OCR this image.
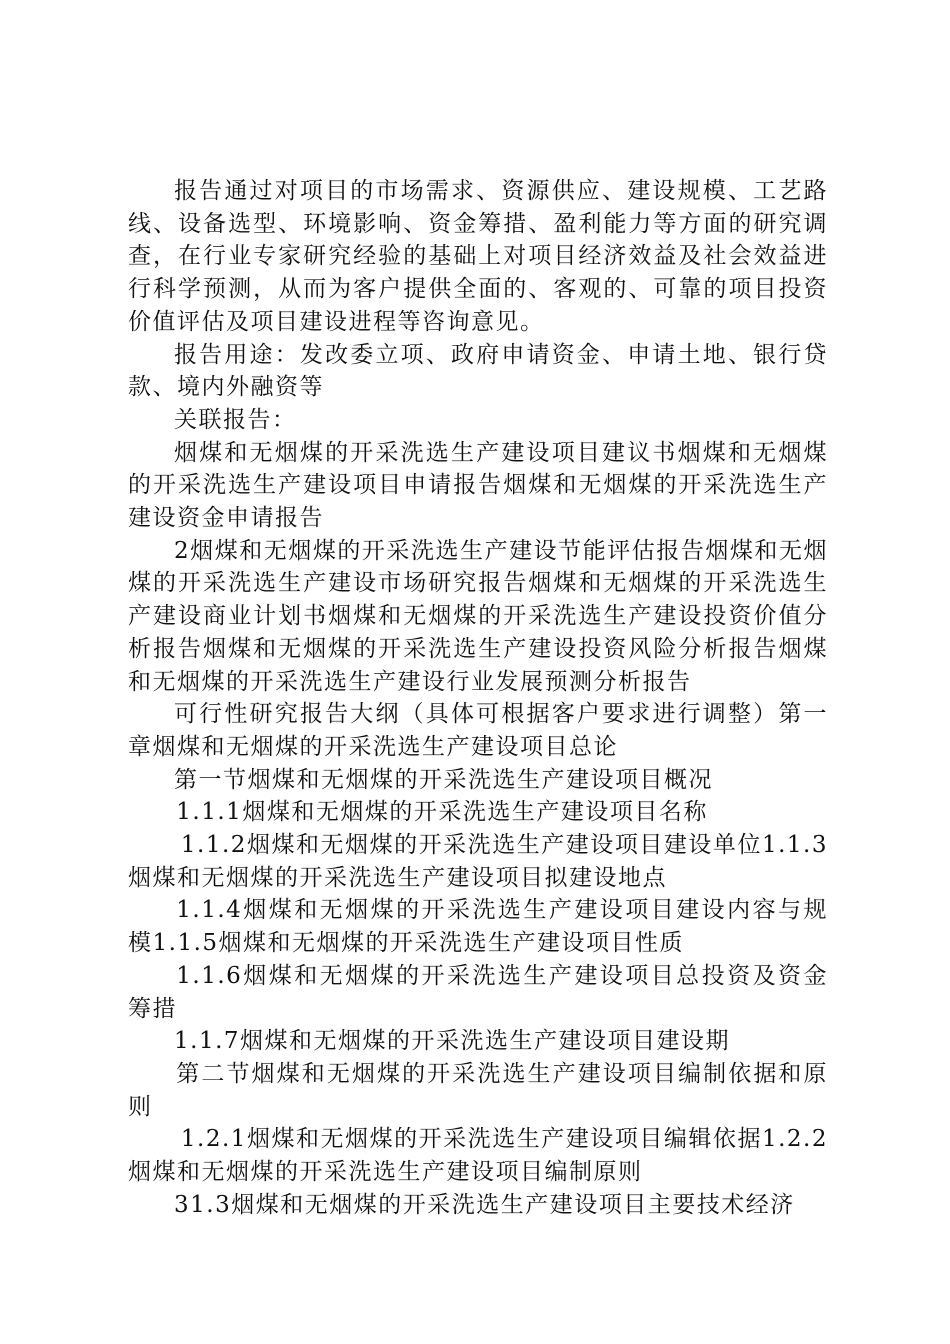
报告通过对项目的市场需求、资源供应、建设规模、工艺路线、设备选型、环境影响、资金筹措、盈利能力等方面的研究调查，在行业专家研究经验的基础上对项目经济效益及社会效益进行科学预测，从而为客户提供全面的、客观的、可靠的项目投资价值评估及项目建设进程等咨询意见。

报告用途：发改委立项、政府申请资金、申请土地、银行贷款、境内外融资等

关联报告：

烟煤和无烟煤的开采洗选生产建设项目建议书烟煤和无烟煤的开采洗选生产建设项目申请报告烟煤和无烟煤的开采洗选生产建设资金申请报告

2烟煤和无烟煤的开采洗选生产建设节能评估报告烟煤和无烟煤的开采洗选生产建设市场研究报告烟煤和无烟煤的开采洗选生产建设商业计划书烟煤和无烟煤的开采洗选生产建设投资价值分析报告烟煤和无烟煤的开采洗选生产建设投资风险分析报告烟煤和无烟煤的开采洗选生产建设行业发展预测分析报告

可行性研究报告大纲（具体可根据客户要求进行调整）第一章烟煤和无烟煤的开采洗选生产建设项目总论

第一节烟煤和无烟煤的开采洗选生产建设项目概况

1.1.1烟煤和无烟煤的开采洗选生产建设项目名称

1.1.2烟煤和无烟煤的开采洗选生产建设项目建设单位1.1.3烟煤和无烟煤的开采洗选生产建设项目拟建设地点

1.1.4烟煤和无烟煤的开采洗选生产建设项目建设内容与规模1.1.5烟煤和无烟煤的开采洗选生产建设项目性质

1.1.6烟煤和无烟煤的开采洗选生产建设项目总投资及资金筹措

1.1.7烟煤和无烟煤的开采洗选生产建设项目建设期

第二节烟煤和无烟煤的开采洗选生产建设项目编制依据和原则

1.2.1烟煤和无烟煤的开采洗选生产建设项目编辑依据1.2.2烟煤和无烟煤的开采洗选生产建设项目编制原则

31.3烟煤和无烟煤的开采洗选生产建设项目主要技术经济
